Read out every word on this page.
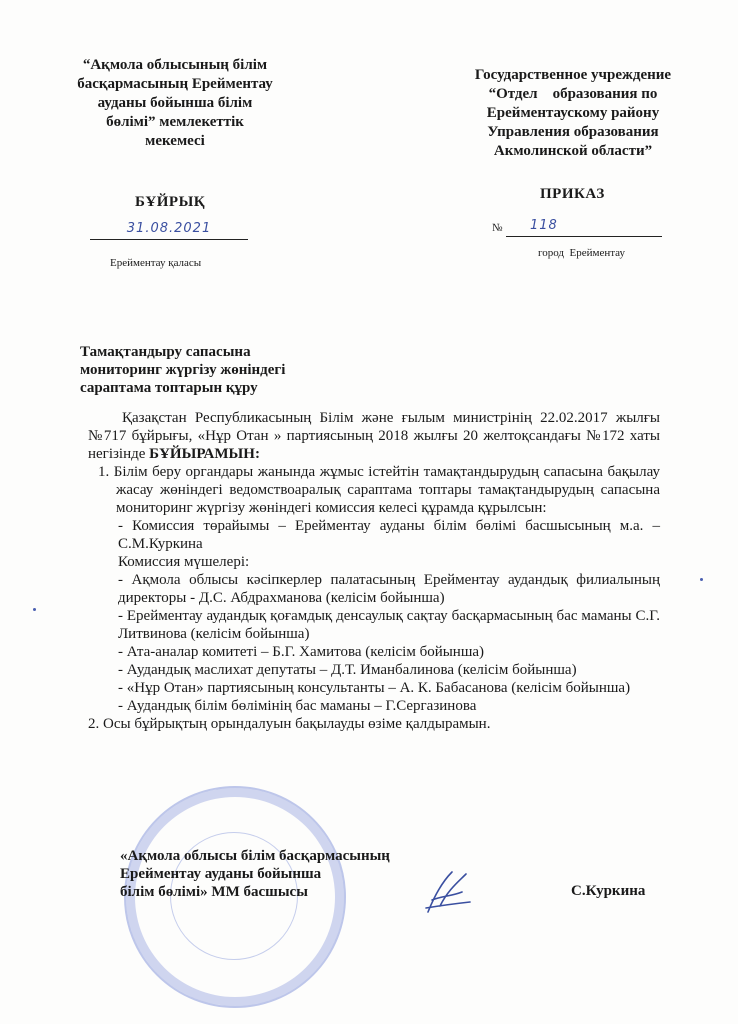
“Ақмола облысының білім
басқармасының Ерейментау
ауданы бойынша білім
бөлімі” мемлекеттік
мекемесі
Государственное учреждение
“Отдел    образования по
Ерейментаускому району
Управления образования
Акмолинской области”
БҰЙРЫҚ	ПРИКАЗ
31.08.2021	№ 118
Ерейментау қаласы
город  Ерейментау
Тамақтандыру сапасына
мониторинг жүргізу жөніндегі
сараптама топтарын құру

Қазақстан Республикасының Білім және ғылым министрінің 22.02.2017 жылғы №717 бұйрығы, «Нұр Отан » партиясының 2018 жылғы 20 желтоқсандағы №172 хаты негізінде БҰЙЫРАМЫН:

1. Білім беру органдары жанында жұмыс істейтін тамақтандырудың сапасына бақылау жасау жөніндегі ведомствоаралық сараптама топтары тамақтандырудың сапасына мониторинг жүргізу жөніндегі комиссия келесі құрамда құрылсын:

- Комиссия төрайымы – Ерейментау ауданы білім бөлімі басшысының м.а. – С.М.Куркина
Комиссия мүшелері:
- Ақмола облысы кәсіпкерлер палатасының Ерейментау аудандық филиалының директоры - Д.С. Абдрахманова (келісім бойынша)
- Ерейментау аудандық қоғамдық денсаулық сақтау басқармасының бас маманы С.Г. Литвинова (келісім бойынша)
- Ата-аналар комитеті – Б.Г. Хамитова (келісім бойынша)
- Аудандық маслихат депутаты – Д.Т. Иманбалинова (келісім бойынша)
- «Нұр Отан» партиясының консультанты – А. К. Бабасанова (келісім бойынша)
- Аудандық білім бөлімінің бас маманы – Г.Сергазинова

2. Осы бұйрықтың орындалуын бақылауды өзіме қалдырамын.

«Ақмола облысы білім басқармасының
Ерейментау ауданы бойынша
білім бөлімі» ММ басшысы	С.Куркина
